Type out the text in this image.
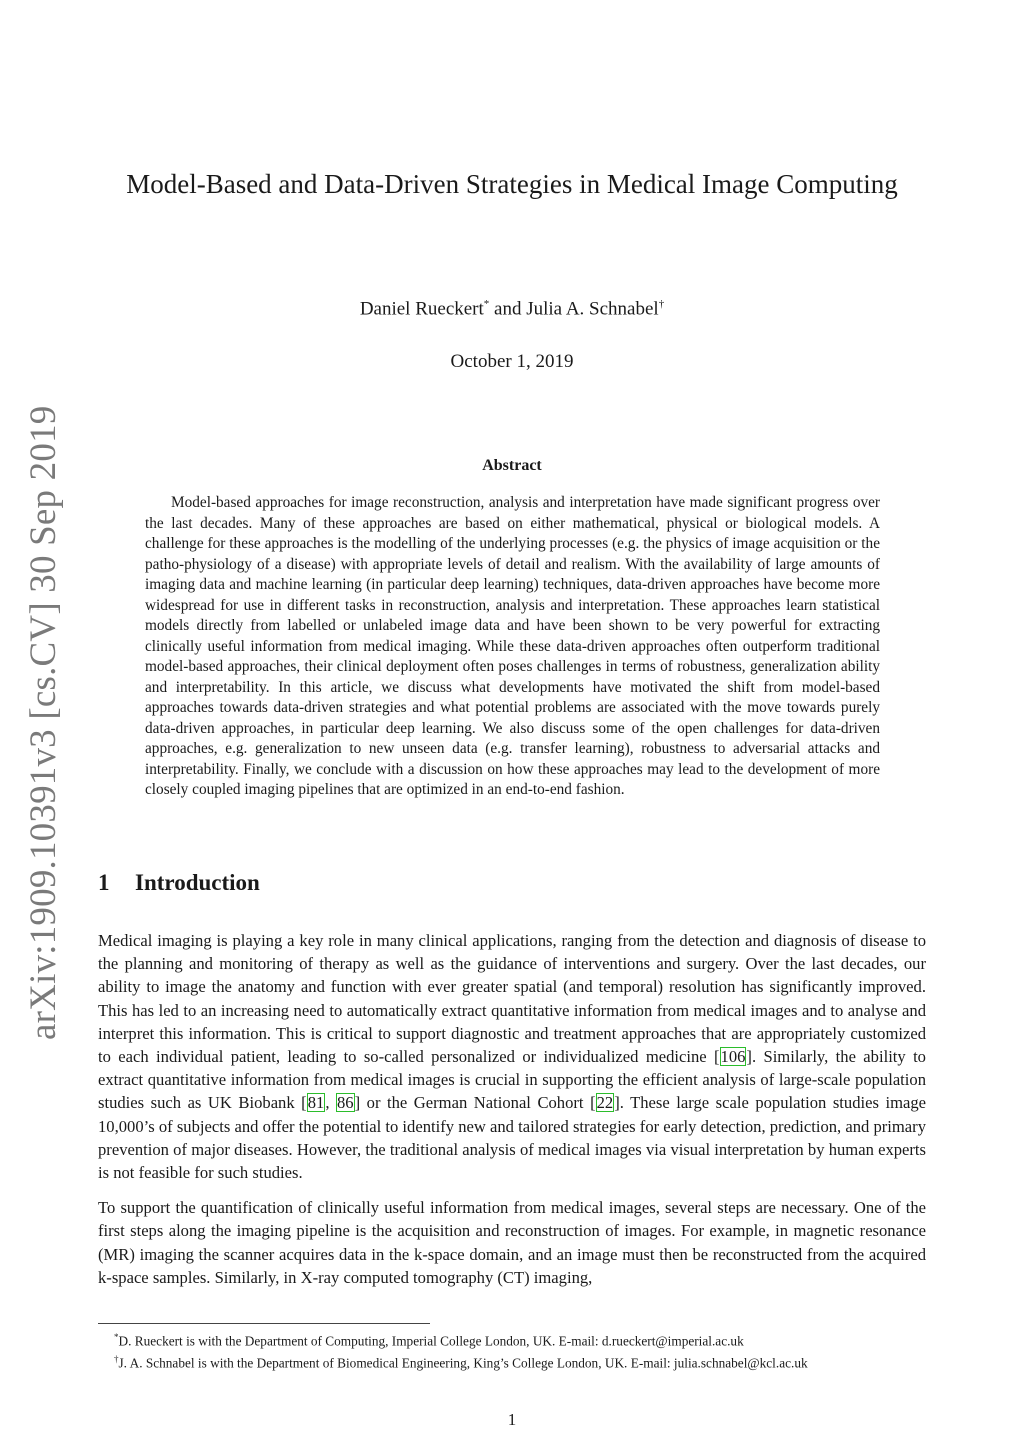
arXiv:1909.10391v3 [cs.CV] 30 Sep 2019
Model-Based and Data-Driven Strategies in Medical Image Computing
Daniel Rueckert* and Julia A. Schnabel†
October 1, 2019
Abstract

Model-based approaches for image reconstruction, analysis and interpretation have made significant progress over the last decades. Many of these approaches are based on either mathematical, physical or biological models. A challenge for these approaches is the modelling of the underlying processes (e.g. the physics of image acquisition or the patho-physiology of a disease) with appropriate levels of detail and realism. With the availability of large amounts of imaging data and machine learning (in particular deep learning) techniques, data-driven approaches have become more widespread for use in different tasks in reconstruction, analysis and interpretation. These approaches learn statistical models directly from labelled or unlabeled image data and have been shown to be very powerful for extracting clinically useful information from medical imaging. While these data-driven approaches often outperform traditional model-based approaches, their clinical deployment often poses challenges in terms of robustness, generalization ability and interpretability. In this article, we discuss what developments have motivated the shift from model-based approaches towards data-driven strategies and what potential problems are associated with the move towards purely data-driven approaches, in particular deep learning. We also discuss some of the open challenges for data-driven approaches, e.g. generalization to new unseen data (e.g. transfer learning), robustness to adversarial attacks and interpretability. Finally, we conclude with a discussion on how these approaches may lead to the development of more closely coupled imaging pipelines that are optimized in an end-to-end fashion.

1 Introduction

Medical imaging is playing a key role in many clinical applications, ranging from the detection and diagnosis of disease to the planning and monitoring of therapy as well as the guidance of interventions and surgery. Over the last decades, our ability to image the anatomy and function with ever greater spatial (and temporal) resolution has significantly improved. This has led to an increasing need to automatically extract quantitative information from medical images and to analyse and interpret this information. This is critical to support diagnostic and treatment approaches that are appropriately customized to each individual patient, leading to so-called personalized or individualized medicine [106]. Similarly, the ability to extract quantitative information from medical images is crucial in supporting the efficient analysis of large-scale population studies such as UK Biobank [81, 86] or the German National Cohort [22]. These large scale population studies image 10,000’s of subjects and offer the potential to identify new and tailored strategies for early detection, prediction, and primary prevention of major diseases. However, the traditional analysis of medical images via visual interpretation by human experts is not feasible for such studies.

To support the quantification of clinically useful information from medical images, several steps are necessary. One of the first steps along the imaging pipeline is the acquisition and reconstruction of images. For example, in magnetic resonance (MR) imaging the scanner acquires data in the k-space domain, and an image must then be reconstructed from the acquired k-space samples. Similarly, in X-ray computed tomography (CT) imaging,

*D. Rueckert is with the Department of Computing, Imperial College London, UK. E-mail: d.rueckert@imperial.ac.uk
†J. A. Schnabel is with the Department of Biomedical Engineering, King’s College London, UK. E-mail: julia.schnabel@kcl.ac.uk
1
